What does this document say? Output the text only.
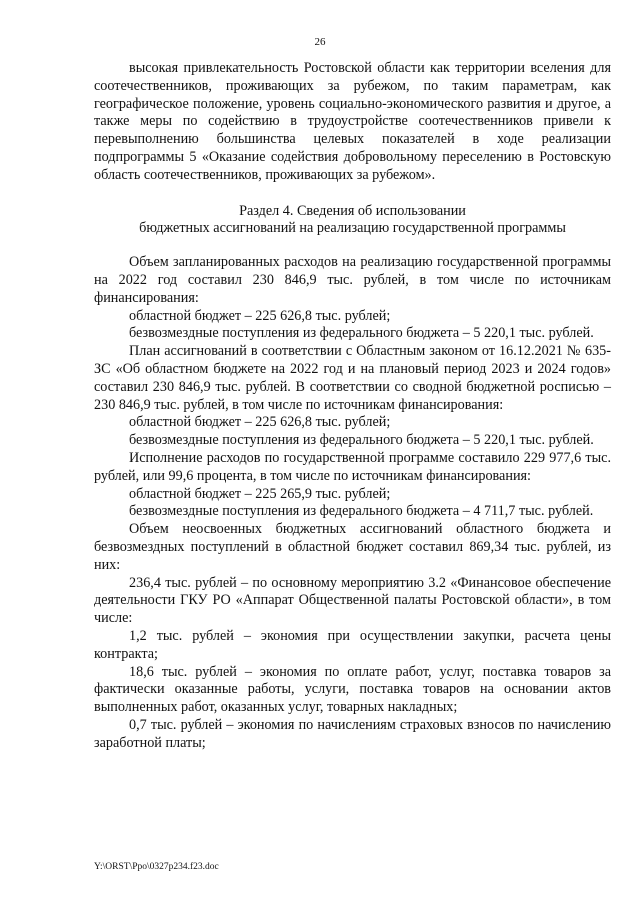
26

высокая привлекательность Ростовской области как территории вселения для соотечественников, проживающих за рубежом, по таким параметрам, как географическое положение, уровень социально-экономического развития и другое, а также меры по содействию в трудоустройстве соотечественников привели к перевыполнению большинства целевых показателей в ходе реализации подпрограммы 5 «Оказание содействия добровольному переселению в Ростовскую область соотечественников, проживающих за рубежом».

Раздел 4. Сведения об использовании

бюджетных ассигнований на реализацию государственной программы

Объем запланированных расходов на реализацию государственной программы на 2022 год составил 230 846,9 тыс. рублей, в том числе по источникам финансирования:

областной бюджет – 225 626,8 тыс. рублей;

безвозмездные поступления из федерального бюджета – 5 220,1 тыс. рублей.

План ассигнований в соответствии с Областным законом от 16.12.2021 № 635-ЗС «Об областном бюджете на 2022 год и на плановый период 2023 и 2024 годов» составил 230 846,9 тыс. рублей. В соответствии со сводной бюджетной росписью – 230 846,9 тыс. рублей, в том числе по источникам финансирования:

областной бюджет – 225 626,8 тыс. рублей;

безвозмездные поступления из федерального бюджета – 5 220,1 тыс. рублей.

Исполнение расходов по государственной программе составило 229 977,6 тыс. рублей, или 99,6 процента, в том числе по источникам финансирования:

областной бюджет – 225 265,9 тыс. рублей;

безвозмездные поступления из федерального бюджета – 4 711,7 тыс. рублей.

Объем неосвоенных бюджетных ассигнований областного бюджета и безвозмездных поступлений в областной бюджет составил 869,34 тыс. рублей, из них:

236,4 тыс. рублей – по основному мероприятию 3.2 «Финансовое обеспечение деятельности ГКУ РО «Аппарат Общественной палаты Ростовской области», в том числе:

1,2 тыс. рублей – экономия при осуществлении закупки, расчета цены контракта;

18,6 тыс. рублей – экономия по оплате работ, услуг, поставка товаров за фактически оказанные работы, услуги, поставка товаров на основании актов выполненных работ, оказанных услуг, товарных накладных;

0,7 тыс. рублей – экономия по начислениям страховых взносов по начислению заработной платы;

Y:\ORST\Ppo\0327p234.f23.doc
